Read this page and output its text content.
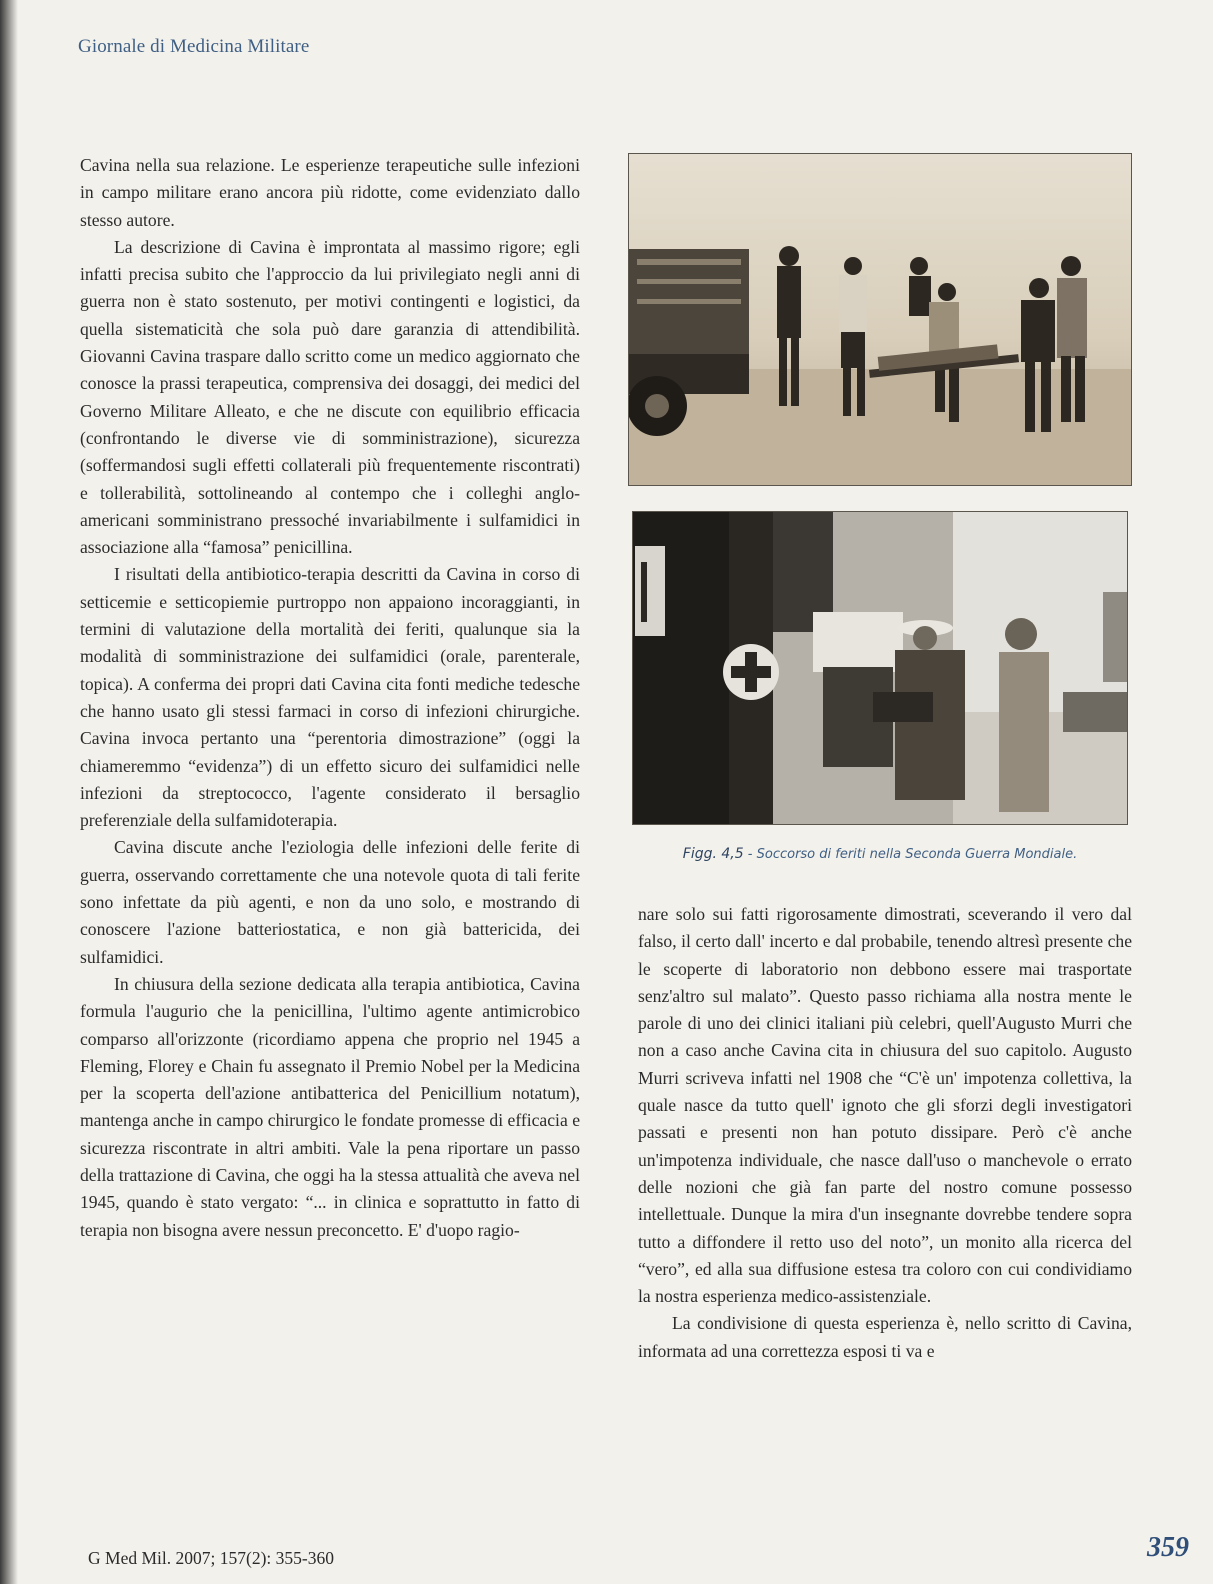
Giornale di Medicina Militare

Cavina nella sua relazione. Le esperienze terapeutiche sulle infezioni in campo militare erano ancora più ridotte, come evidenziato dallo stesso autore.

La descrizione di Cavina è improntata al massimo rigore; egli infatti precisa subito che l'approccio da lui privilegiato negli anni di guerra non è stato sostenuto, per motivi contingenti e logistici, da quella sistematicità che sola può dare garanzia di attendibilità. Giovanni Cavina traspare dallo scritto come un medico aggiornato che conosce la prassi terapeutica, comprensiva dei dosaggi, dei medici del Governo Militare Alleato, e che ne discute con equilibrio efficacia (confrontando le diverse vie di somministrazione), sicurezza (soffermandosi sugli effetti collaterali più frequentemente riscontrati) e tollerabilità, sottolineando al contempo che i colleghi anglo-americani somministrano pressoché invariabilmente i sulfamidici in associazione alla “famosa” penicillina.

I risultati della antibiotico-terapia descritti da Cavina in corso di setticemie e setticopiemie purtroppo non appaiono incoraggianti, in termini di valutazione della mortalità dei feriti, qualunque sia la modalità di somministrazione dei sulfamidici (orale, parenterale, topica). A conferma dei propri dati Cavina cita fonti mediche tedesche che hanno usato gli stessi farmaci in corso di infezioni chirurgiche. Cavina invoca pertanto una “perentoria dimostrazione” (oggi la chiameremmo “evidenza”) di un effetto sicuro dei sulfamidici nelle infezioni da streptococco, l'agente considerato il bersaglio preferenziale della sulfamidoterapia.

Cavina discute anche l'eziologia delle infezioni delle ferite di guerra, osservando correttamente che una notevole quota di tali ferite sono infettate da più agenti, e non da uno solo, e mostrando di conoscere l'azione batteriostatica, e non già battericida, dei sulfamidici.

In chiusura della sezione dedicata alla terapia antibiotica, Cavina formula l'augurio che la penicillina, l'ultimo agente antimicrobico comparso all'orizzonte (ricordiamo appena che proprio nel 1945 a Fleming, Florey e Chain fu assegnato il Premio Nobel per la Medicina per la scoperta dell'azione antibatterica del Penicillium notatum), mantenga anche in campo chirurgico le fondate promesse di efficacia e sicurezza riscontrate in altri ambiti. Vale la pena riportare un passo della trattazione di Cavina, che oggi ha la stessa attualità che aveva nel 1945, quando è stato vergato: “... in clinica e soprattutto in fatto di terapia non bisogna avere nessun preconcetto. E' d'uopo ragio-

Figg. 4,5 - Soccorso di feriti nella Seconda Guerra Mondiale.

nare solo sui fatti rigorosamente dimostrati, sceverando il vero dal falso, il certo dall' incerto e dal probabile, tenendo altresì presente che le scoperte di laboratorio non debbono essere mai trasportate senz'altro sul malato”. Questo passo richiama alla nostra mente le parole di uno dei clinici italiani più celebri, quell'Augusto Murri che non a caso anche Cavina cita in chiusura del suo capitolo. Augusto Murri scriveva infatti nel 1908 che “C'è un' impotenza collettiva, la quale nasce da tutto quell' ignoto che gli sforzi degli investigatori passati e presenti non han potuto dissipare. Però c'è anche un'impotenza individuale, che nasce dall'uso o manchevole o errato delle nozioni che già fan parte del nostro comune possesso intellettuale. Dunque la mira d'un insegnante dovrebbe tendere sopra tutto a diffondere il retto uso del noto”, un monito alla ricerca del “vero”, ed alla sua diffusione estesa tra coloro con cui condividiamo la nostra esperienza medico-assistenziale.

La condivisione di questa esperienza è, nello scritto di Cavina, informata ad una correttezza esposi ti va e

G Med Mil. 2007; 157(2): 355-360	359
